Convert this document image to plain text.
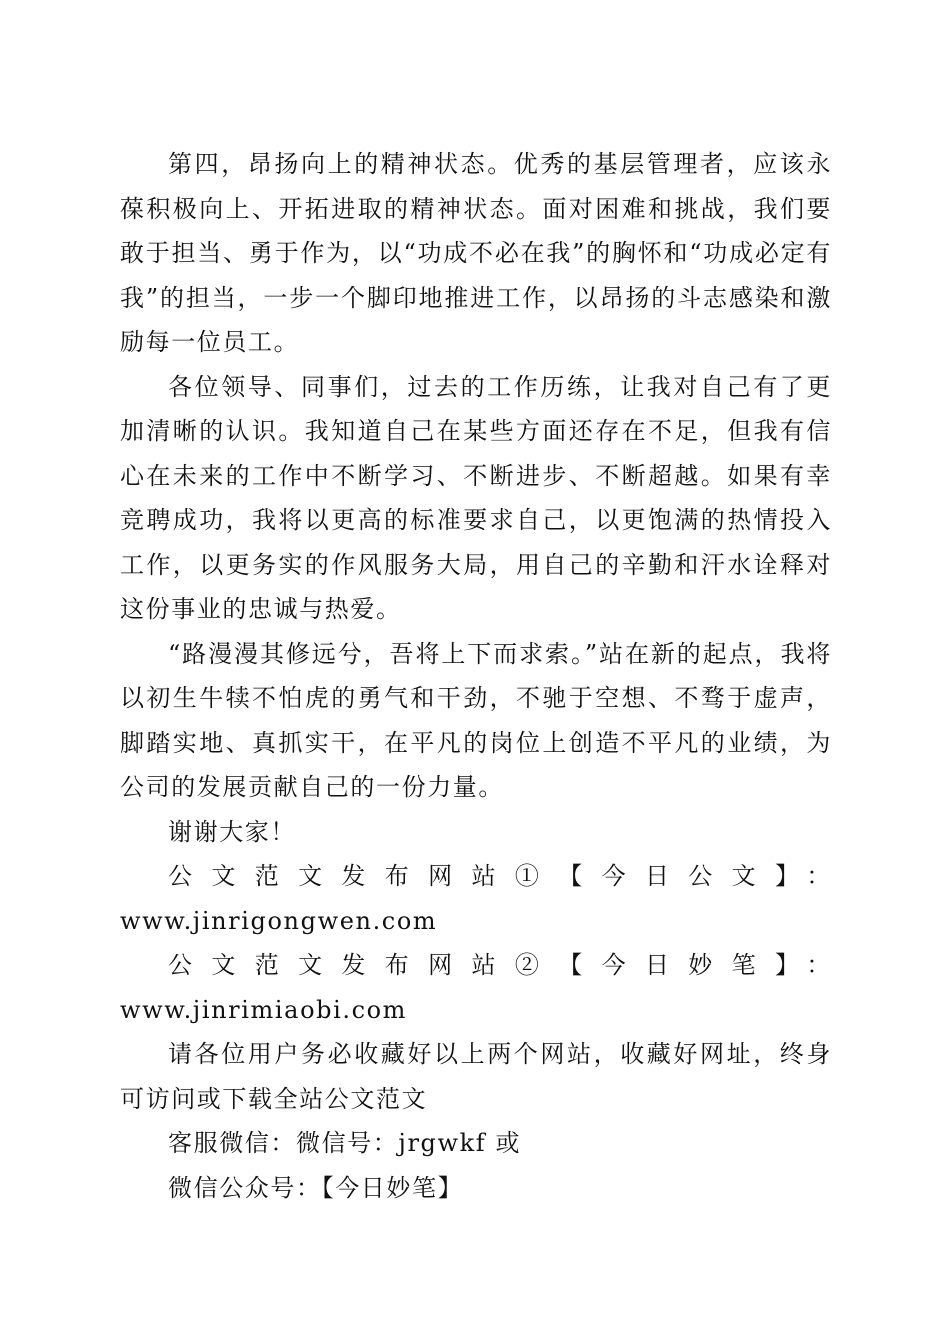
第四，昂扬向上的精神状态。优秀的基层管理者，应该永葆积极向上、开拓进取的精神状态。面对困难和挑战，我们要敢于担当、勇于作为，以“功成不必在我”的胸怀和“功成必定有我”的担当，一步一个脚印地推进工作，以昂扬的斗志感染和激励每一位员工。

各位领导、同事们，过去的工作历练，让我对自己有了更加清晰的认识。我知道自己在某些方面还存在不足，但我有信心在未来的工作中不断学习、不断进步、不断超越。如果有幸竞聘成功，我将以更高的标准要求自己，以更饱满的热情投入工作，以更务实的作风服务大局，用自己的辛勤和汗水诠释对这份事业的忠诚与热爱。

“路漫漫其修远兮，吾将上下而求索。”站在新的起点，我将以初生牛犊不怕虎的勇气和干劲，不驰于空想、不骛于虚声，脚踏实地、真抓实干，在平凡的岗位上创造不平凡的业绩，为公司的发展贡献自己的一份力量。

谢谢大家！

公文范文发布网站①【今日公文】：

www.jinrigongwen.com

公文范文发布网站②【今日妙笔】：www.jinrimiaobi.com

请各位用户务必收藏好以上两个网站，收藏好网址，终身可访问或下载全站公文范文

客服微信：微信号：jrgwkf 或

微信公众号：【今日妙笔】
